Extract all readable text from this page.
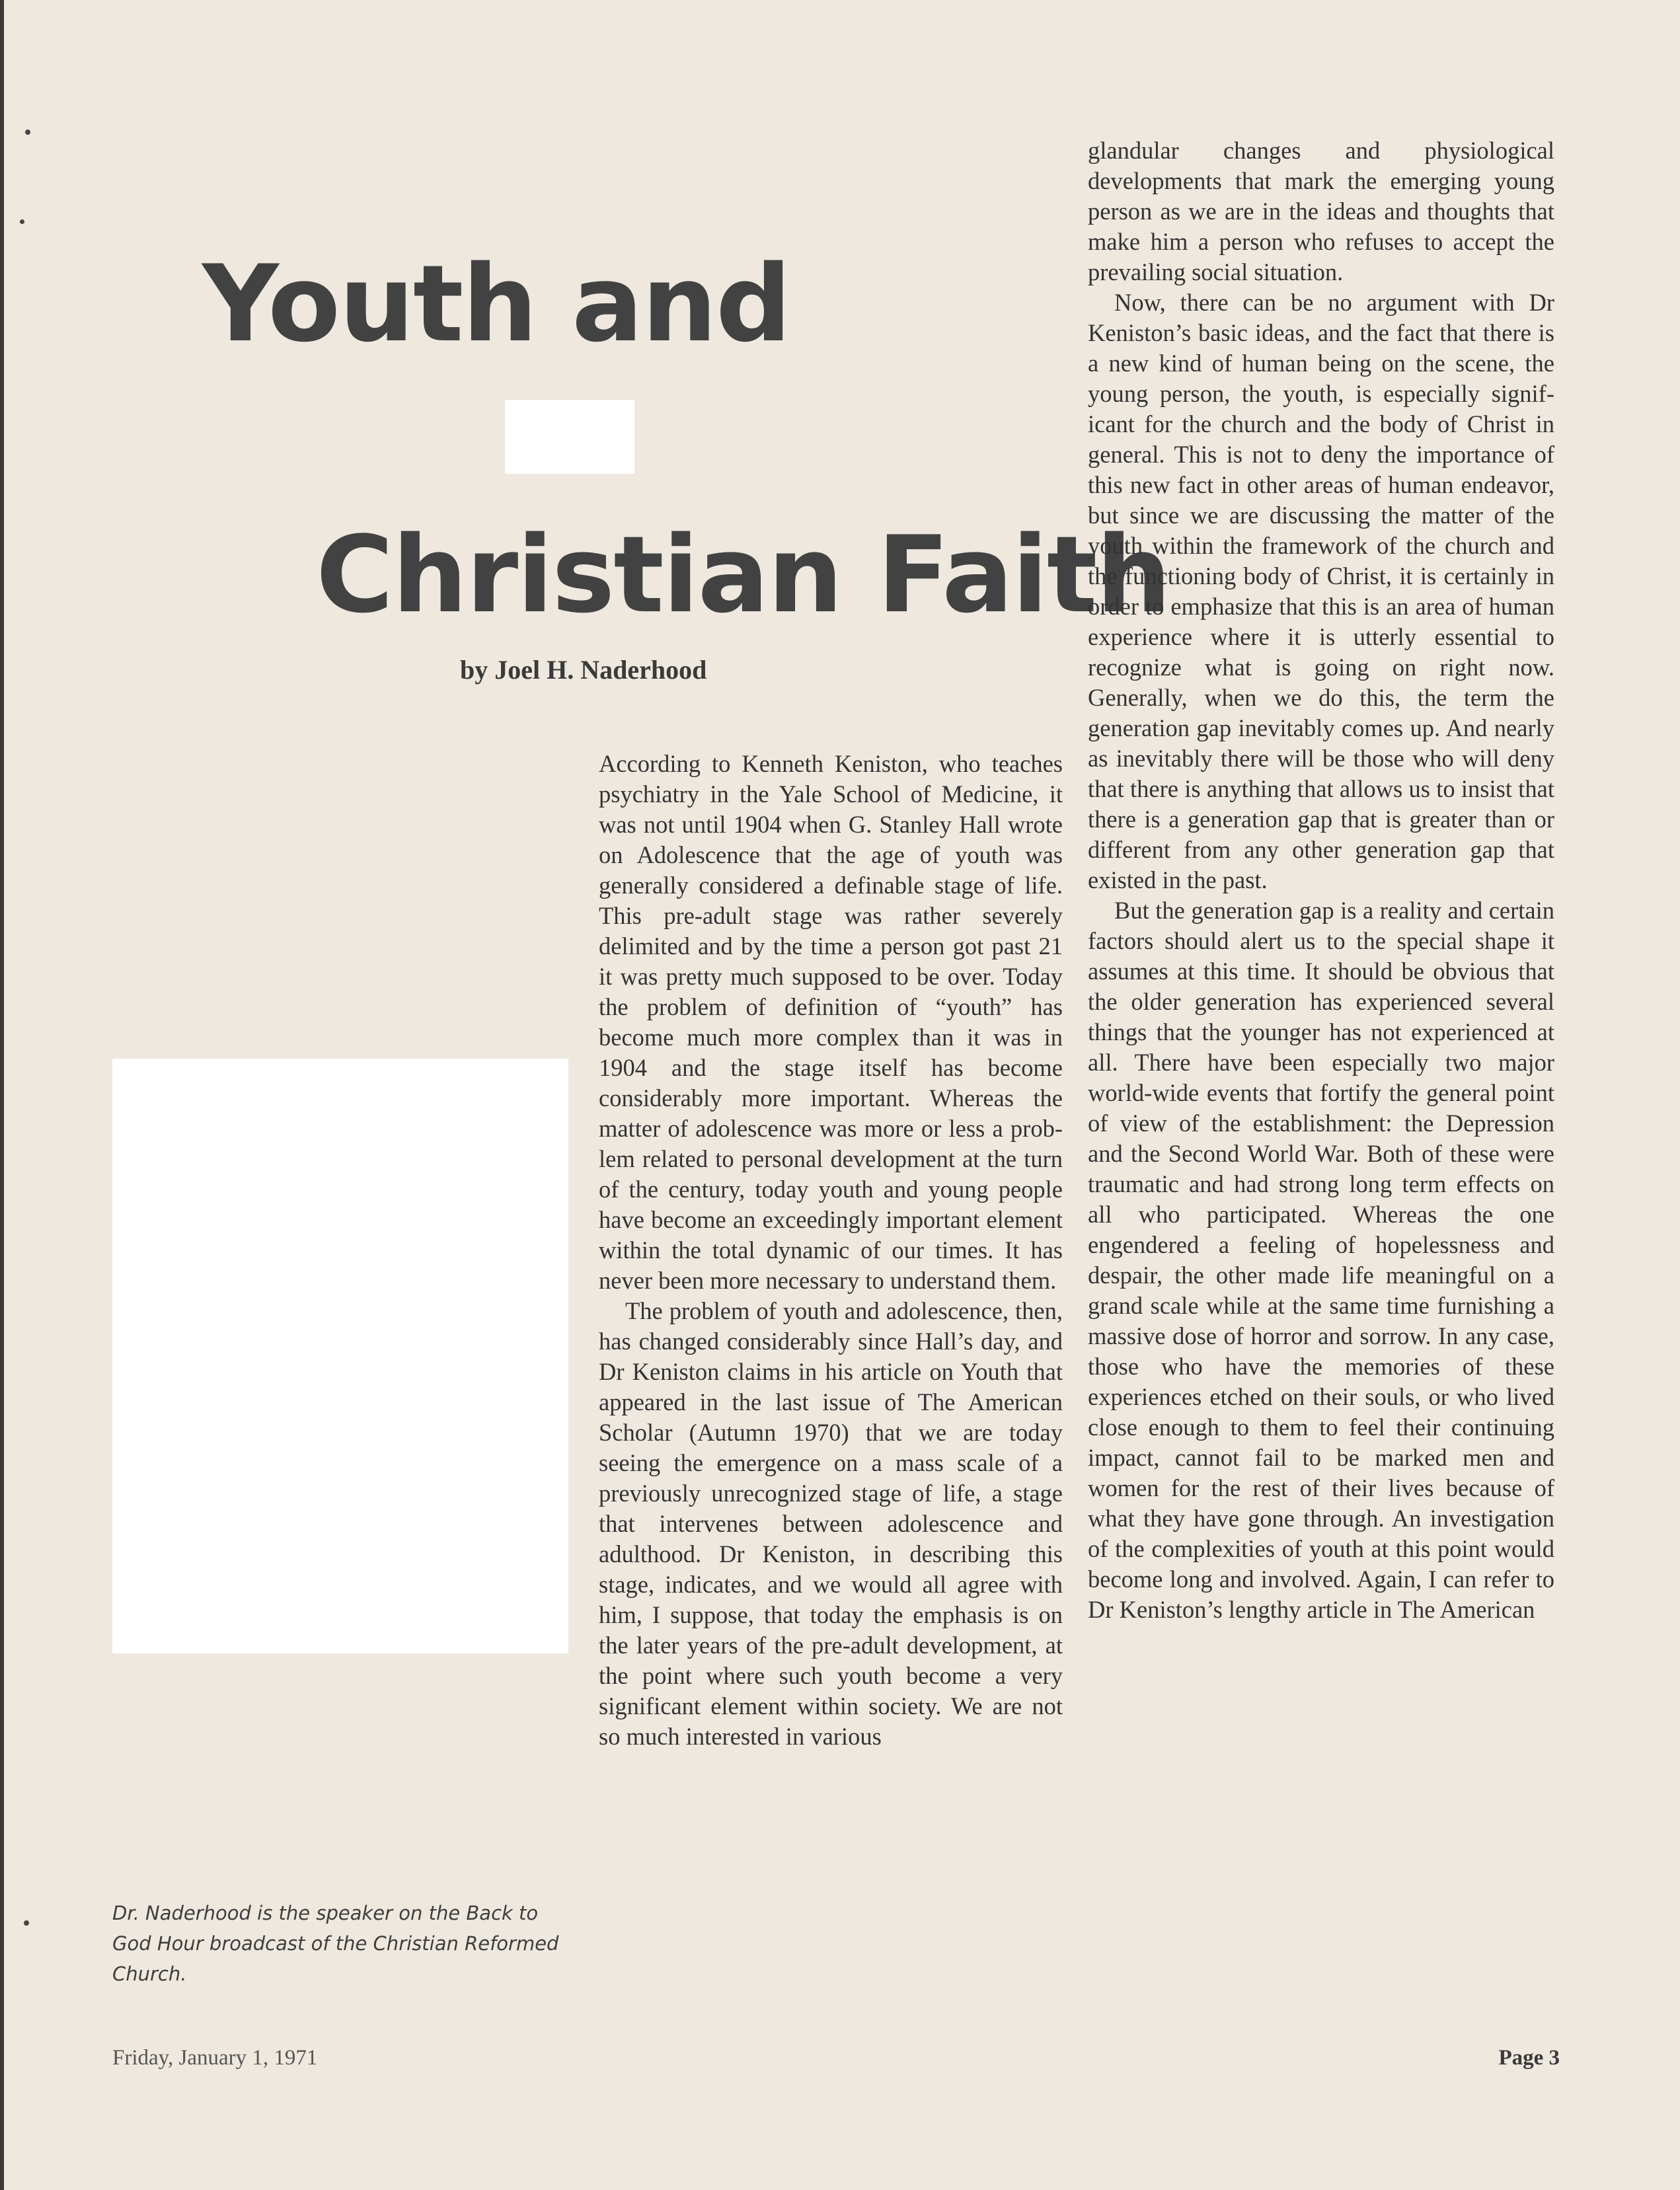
Youth and
Christian Faith
by Joel H. Naderhood
Dr. Naderhood is the speaker on the Back to God Hour broadcast of the Christian Reformed Church.

According to Kenneth Keniston, who teaches psychiatry in the Yale School of Medicine, it was not until 1904 when G. Stanley Hall wrote on Adolescence that the age of youth was generally considered a definable stage of life. This pre-adult stage was rather severely delimited and by the time a person got past 21 it was pretty much supposed to be over. Today the problem of definition of “youth” has become much more complex than it was in 1904 and the stage itself has become considerably more important. Whereas the matter of adolescence was more or less a problem related to personal development at the turn of the century, today youth and young people have become an exceedingly important element within the total dynamic of our times. It has never been more necessary to understand them.

The problem of youth and adolescence, then, has changed considerably since Hall’s day, and Dr Keniston claims in his article on Youth that appeared in the last issue of The American Scholar (Autumn 1970) that we are today seeing the emergence on a mass scale of a previously unrecognized stage of life, a stage that intervenes between adolescence and adulthood. Dr Keniston, in describing this stage, indicates, and we would all agree with him, I suppose, that today the emphasis is on the later years of the pre-adult development, at the point where such youth become a very significant element within society. We are not so much interested in various

glandular changes and physiological developments that mark the emerging young person as we are in the ideas and thoughts that make him a person who refuses to accept the prevailing social situation.

Now, there can be no argument with Dr Keniston’s basic ideas, and the fact that there is a new kind of human being on the scene, the young person, the youth, is especially significant for the church and the body of Christ in general. This is not to deny the importance of this new fact in other areas of human endeavor, but since we are discussing the matter of the youth within the framework of the church and the functioning body of Christ, it is certainly in order to emphasize that this is an area of human experience where it is utterly essential to recognize what is going on right now. Generally, when we do this, the term the generation gap inevitably comes up. And nearly as inevitably there will be those who will deny that there is anything that allows us to insist that there is a generation gap that is greater than or different from any other generation gap that existed in the past.

But the generation gap is a reality and certain factors should alert us to the special shape it assumes at this time. It should be obvious that the older generation has experienced several things that the younger has not experienced at all. There have been especially two major world-wide events that fortify the general point of view of the establishment: the Depression and the Second World War. Both of these were traumatic and had strong long term effects on all who participated. Whereas the one engendered a feeling of hopelessness and despair, the other made life meaningful on a grand scale while at the same time furnishing a massive dose of horror and sorrow. In any case, those who have the memories of these experiences etched on their souls, or who lived close enough to them to feel their continuing impact, cannot fail to be marked men and women for the rest of their lives because of what they have gone through. An investigation of the complexities of youth at this point would become long and involved. Again, I can refer to Dr Keniston’s lengthy article in The American

Friday, January 1, 1971	Page 3
